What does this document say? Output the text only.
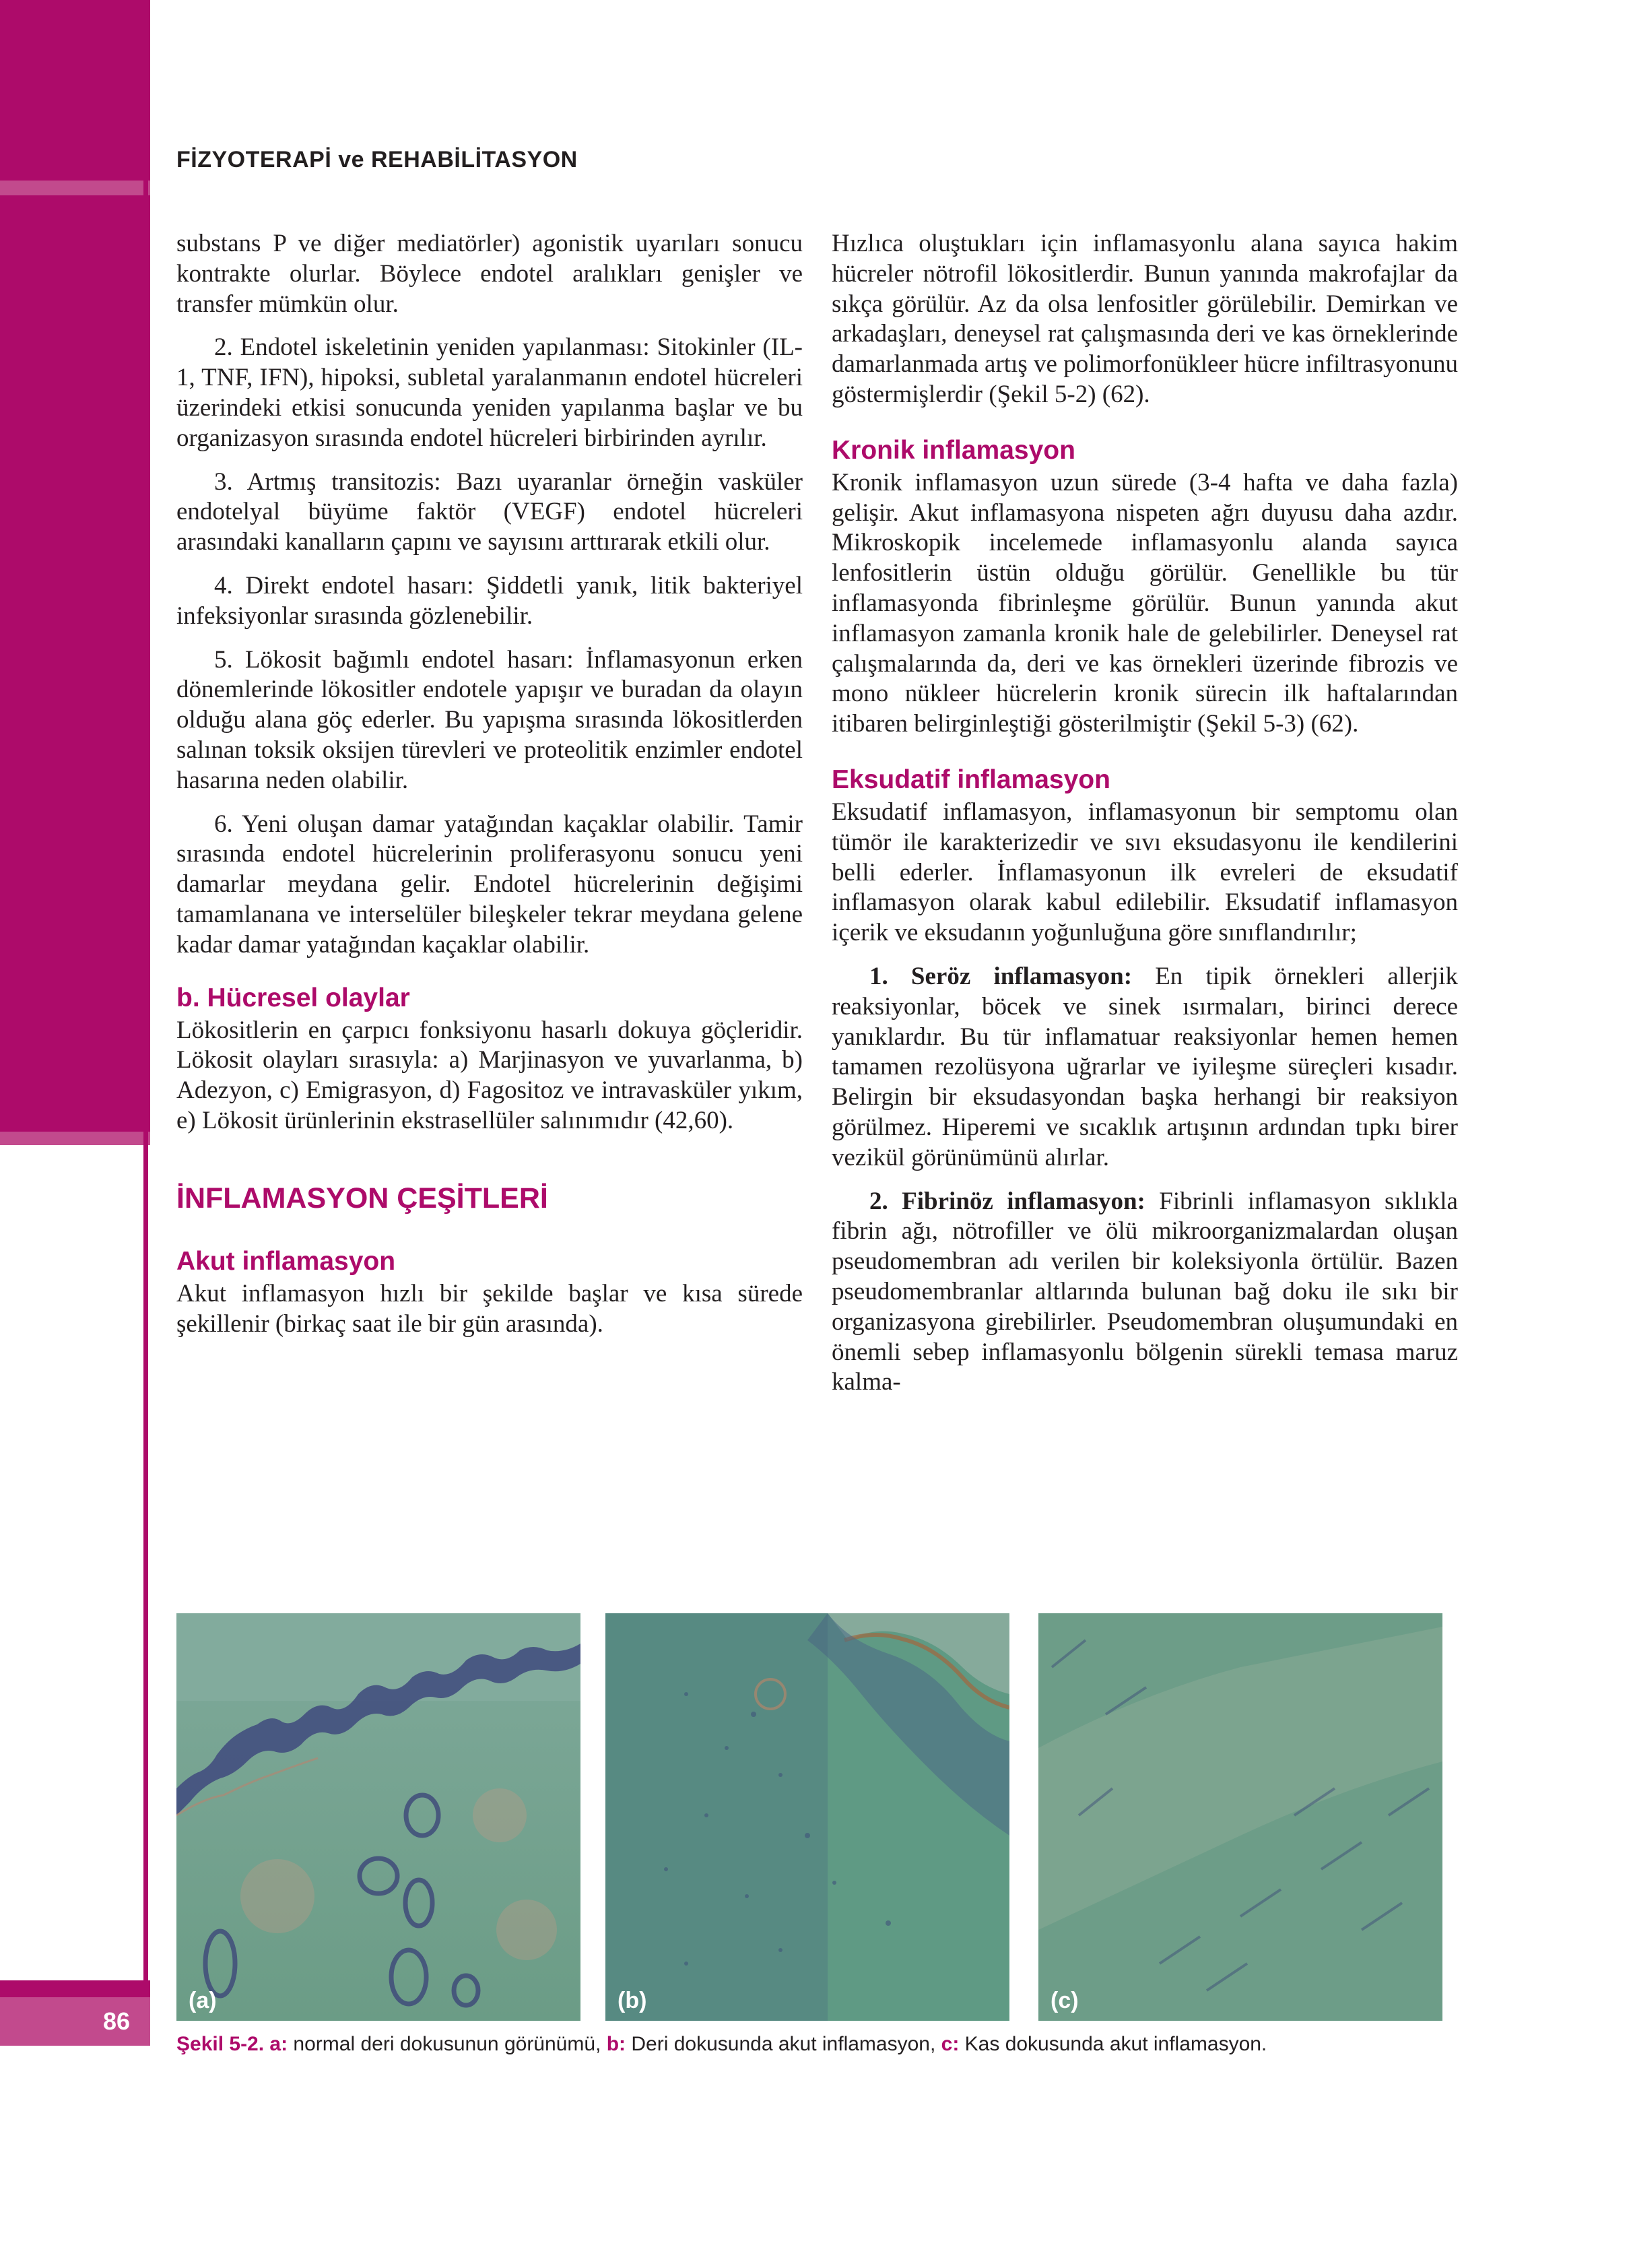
86
FİZYOTERAPİ ve REHABİLİTASYON

substans P ve diğer mediatörler) agonistik uyarıları sonucu kontrakte olurlar. Böylece endotel aralıkları genişler ve transfer mümkün olur.

2. Endotel iskeletinin yeniden yapılanması: Sitokinler (IL-1, TNF, IFN), hipoksi, subletal yaralanmanın endotel hücreleri üzerindeki etkisi sonucunda yeniden yapılanma başlar ve bu organizasyon sırasında endotel hücreleri birbirinden ayrılır.

3. Artmış transitozis: Bazı uyaranlar örneğin vasküler endotelyal büyüme faktör (VEGF) endotel hücreleri arasındaki kanalların çapını ve sayısını arttırarak etkili olur.

4. Direkt endotel hasarı: Şiddetli yanık, litik bakteriyel infeksiyonlar sırasında gözlenebilir.

5. Lökosit bağımlı endotel hasarı: İnflamasyonun erken dönemlerinde lökositler endotele yapışır ve buradan da olayın olduğu alana göç ederler. Bu yapışma sırasında lökositlerden salınan toksik oksijen türevleri ve proteolitik enzimler endotel hasarına neden olabilir.

6. Yeni oluşan damar yatağından kaçaklar olabilir. Tamir sırasında endotel hücrelerinin proliferasyonu sonucu yeni damarlar meydana gelir. Endotel hücrelerinin değişimi tamamlanana ve interselüler bileşkeler tekrar meydana gelene kadar damar yatağından kaçaklar olabilir.

b. Hücresel olaylar

Lökositlerin en çarpıcı fonksiyonu hasarlı dokuya göçleridir. Lökosit olayları sırasıyla: a) Marjinasyon ve yuvarlanma, b) Adezyon, c) Emigrasyon, d) Fagositoz ve intravasküler yıkım, e) Lökosit ürünlerinin ekstrasellüler salınımıdır (42,60).

İNFLAMASYON ÇEŞİTLERİ

Akut inflamasyon

Akut inflamasyon hızlı bir şekilde başlar ve kısa sürede şekillenir (birkaç saat ile bir gün arasında).

Hızlıca oluştukları için inflamasyonlu alana sayıca hakim hücreler nötrofil lökositlerdir. Bunun yanında makrofajlar da sıkça görülür. Az da olsa lenfositler görülebilir. Demirkan ve arkadaşları, deneysel rat çalışmasında deri ve kas örneklerinde damarlanmada artış ve polimorfonükleer hücre infiltrasyonunu göstermişlerdir (Şekil 5-2) (62).

Kronik inflamasyon

Kronik inflamasyon uzun sürede (3-4 hafta ve daha fazla) gelişir. Akut inflamasyona nispeten ağrı duyusu daha azdır. Mikroskopik incelemede inflamasyonlu alanda sayıca lenfositlerin üstün olduğu görülür. Genellikle bu tür inflamasyonda fibrinleşme görülür. Bunun yanında akut inflamasyon zamanla kronik hale de gelebilirler. Deneysel rat çalışmalarında da, deri ve kas örnekleri üzerinde fibrozis ve mono nükleer hücrelerin kronik sürecin ilk haftalarından itibaren belirginleştiği gösterilmiştir (Şekil 5-3) (62).

Eksudatif inflamasyon

Eksudatif inflamasyon, inflamasyonun bir semptomu olan tümör ile karakterizedir ve sıvı eksudasyonu ile kendilerini belli ederler. İnflamasyonun ilk evreleri de eksudatif inflamasyon olarak kabul edilebilir. Eksudatif inflamasyon içerik ve eksudanın yoğunluğuna göre sınıflandırılır;

1. Seröz inflamasyon: En tipik örnekleri allerjik reaksiyonlar, böcek ve sinek ısırmaları, birinci derece yanıklardır. Bu tür inflamatuar reaksiyonlar hemen hemen tamamen rezolüsyona uğrarlar ve iyileşme süreçleri kısadır. Belirgin bir eksudasyondan başka herhangi bir reaksiyon görülmez. Hiperemi ve sıcaklık artışının ardından tıpkı birer vezikül görünümünü alırlar.

2. Fibrinöz inflamasyon: Fibrinli inflamasyon sıklıkla fibrin ağı, nötrofiller ve ölü mikroorganizmalardan oluşan pseudomembran adı verilen bir koleksiyonla örtülür. Bazen pseudomembranlar altlarında bulunan bağ doku ile sıkı bir organizasyona girebilirler. Pseudomembran oluşumundaki en önemli sebep inflamasyonlu bölgenin sürekli temasa maruz kalma-

(a)	(b)	(c)
Şekil 5-2. a: normal deri dokusunun görünümü, b: Deri dokusunda akut inflamasyon, c: Kas dokusunda akut inflamasyon.
